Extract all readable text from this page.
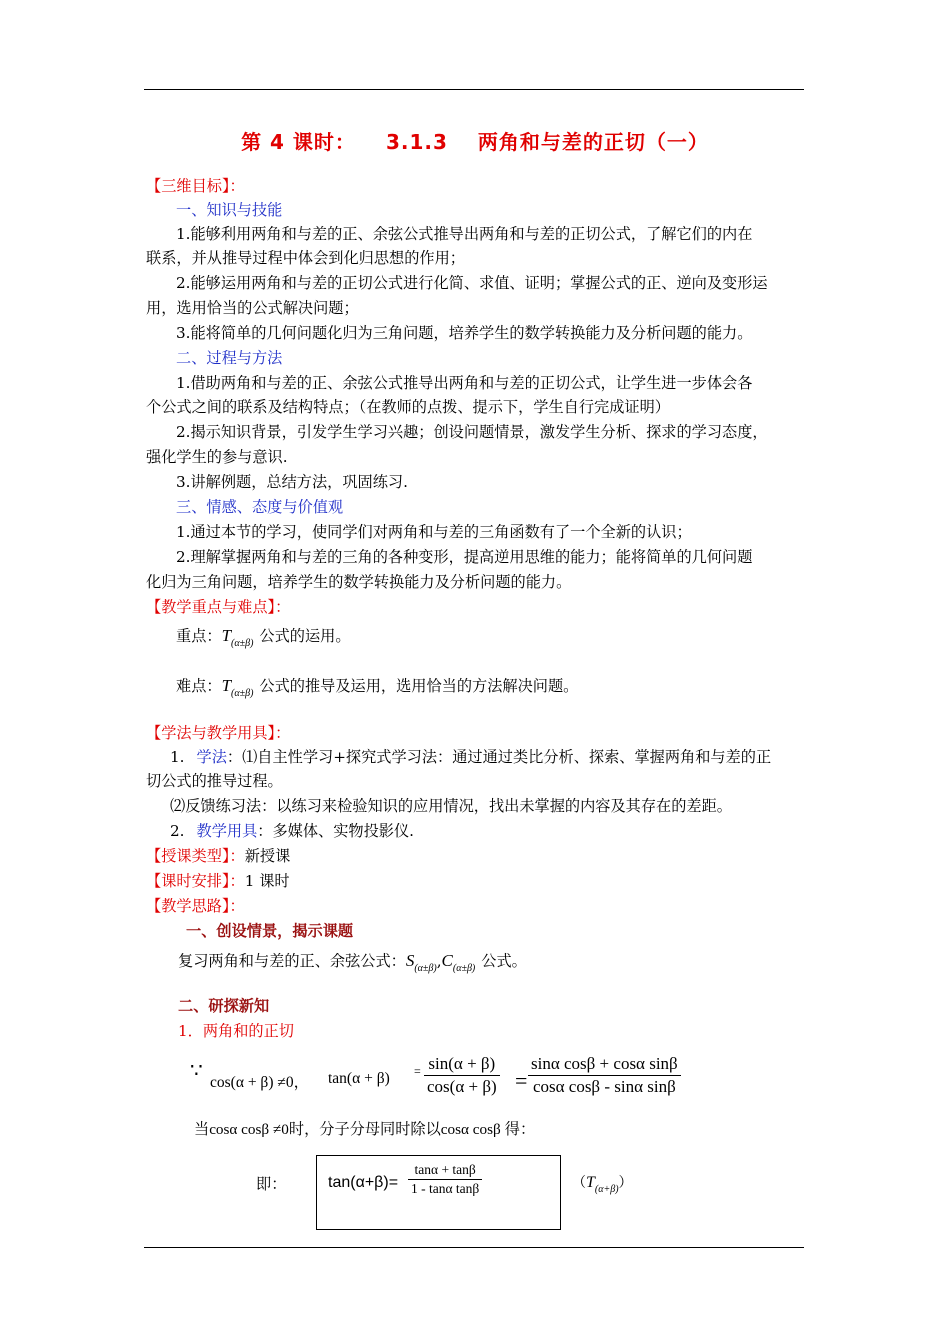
第 4 课时： 3.1.3 两角和与差的正切（一）
【三维目标】：
一、知识与技能
1.能够利用两角和与差的正、余弦公式推导出两角和与差的正切公式，了解它们的内在
联系，并从推导过程中体会到化归思想的作用；
2.能够运用两角和与差的正切公式进行化简、求值、证明；掌握公式的正、逆向及变形运
用，选用恰当的公式解决问题；
3.能将简单的几何问题化归为三角问题，培养学生的数学转换能力及分析问题的能力。
二、过程与方法
1.借助两角和与差的正、余弦公式推导出两角和与差的正切公式，让学生进一步体会各
个公式之间的联系及结构特点；（在教师的点拨、提示下，学生自行完成证明）
2.揭示知识背景，引发学生学习兴趣；创设问题情景，激发学生分析、探求的学习态度，
强化学生的参与意识.
3.讲解例题，总结方法，巩固练习.
三、情感、态度与价值观
1.通过本节的学习，使同学们对两角和与差的三角函数有了一个全新的认识；
2.理解掌握两角和与差的三角的各种变形，提高逆用思维的能力；能将简单的几何问题
化归为三角问题，培养学生的数学转换能力及分析问题的能力。
【教学重点与难点】：
重点：$T_{(\alpha\pm\beta)}$ 公式的运用。
难点：$T_{(\alpha\pm\beta)}$ 公式的推导及运用，选用恰当的方法解决问题。
【学法与教学用具】：
1. 学法：⑴自主性学习+探究式学习法：通过通过类比分析、探索、掌握两角和与差的正
切公式的推导过程。
⑵反馈练习法：以练习来检验知识的应用情况，找出未掌握的内容及其存在的差距。
2. 教学用具：多媒体、实物投影仪.
【授课类型】：新授课
【课时安排】：1 课时
【教学思路】：
一、创设情景，揭示课题
复习两角和与差的正、余弦公式：$S_{(\alpha\pm\beta)},C_{(\alpha\pm\beta)}$ 公式。
二、研探新知
1．两角和的正切
∵
cos(α + β) ≠0， $\tan(\alpha + \beta) = \frac{\sin(\alpha + \beta)}{\cos(\alpha + \beta)} = \frac{\text{sinα cosβ + cosα sinβ}}{\text{cosα cosβ - sinα sinβ}}$
当cosα cosβ ≠0时，分子分母同时除以cosα cosβ 得：
即：	$\tan(\alpha+\beta)= \frac{\tan\alpha + \tan\beta}{\text{1 - tanα tanβ}}$	$(T_{(\alpha+\beta)})$
